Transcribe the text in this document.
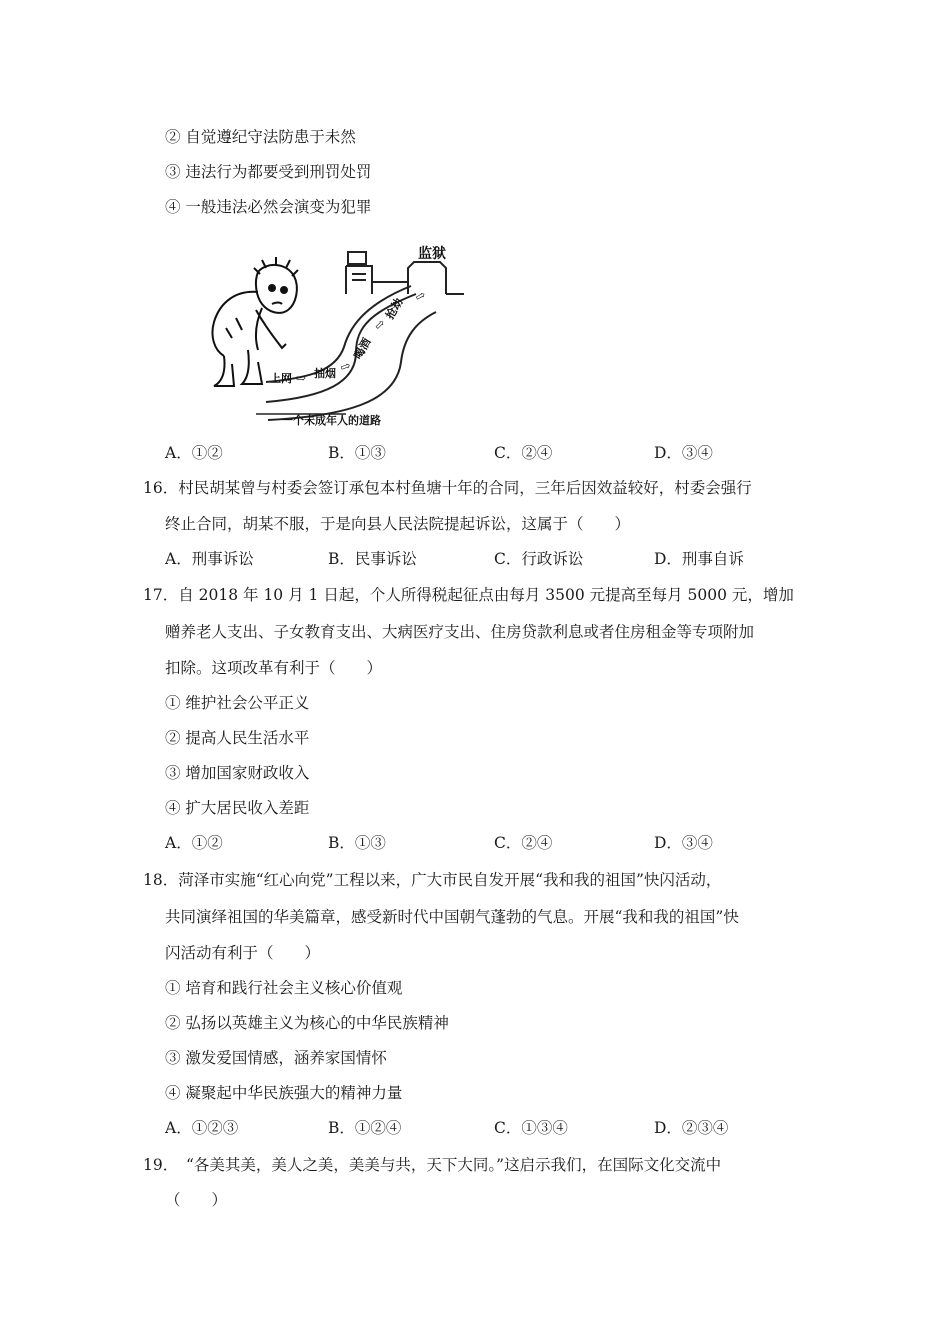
② 自觉遵纪守法防患于未然
③ 违法行为都要受到刑罚处罚
④ 一般违法必然会演变为犯罪
监狱
上网 ⇨ 抽烟 ⇨
喝酒
⇨
抢劫 ⇨
一个未成年人的道路
A．①②	B．①③	C．②④	D．③④
16．村民胡某曾与村委会签订承包本村鱼塘十年的合同，三年后因效益较好，村委会强行
终止合同，胡某不服，于是向县人民法院提起诉讼，这属于（　　）
A．刑事诉讼	B．民事诉讼	C．行政诉讼	D．刑事自诉
17．自 2018 年 10 月 1 日起，个人所得税起征点由每月 3500 元提高至每月 5000 元，增加
赠养老人支出、子女教育支出、大病医疗支出、住房贷款利息或者住房租金等专项附加
扣除。这项改革有利于（　　）
① 维护社会公平正义
② 提高人民生活水平
③ 增加国家财政收入
④ 扩大居民收入差距
A．①②	B．①③	C．②④	D．③④
18．菏泽市实施“红心向党”工程以来，广大市民自发开展“我和我的祖国”快闪活动，
共同演绎祖国的华美篇章，感受新时代中国朝气蓬勃的气息。开展“我和我的祖国”快
闪活动有利于（　　）
① 培育和践行社会主义核心价值观
② 弘扬以英雄主义为核心的中华民族精神
③ 激发爱国情感，涵养家国情怀
④ 凝聚起中华民族强大的精神力量
A．①②③	B．①②④	C．①③④	D．②③④
19．　“各美其美，美人之美，美美与共，天下大同。”这启示我们，在国际文化交流中
（　　）
